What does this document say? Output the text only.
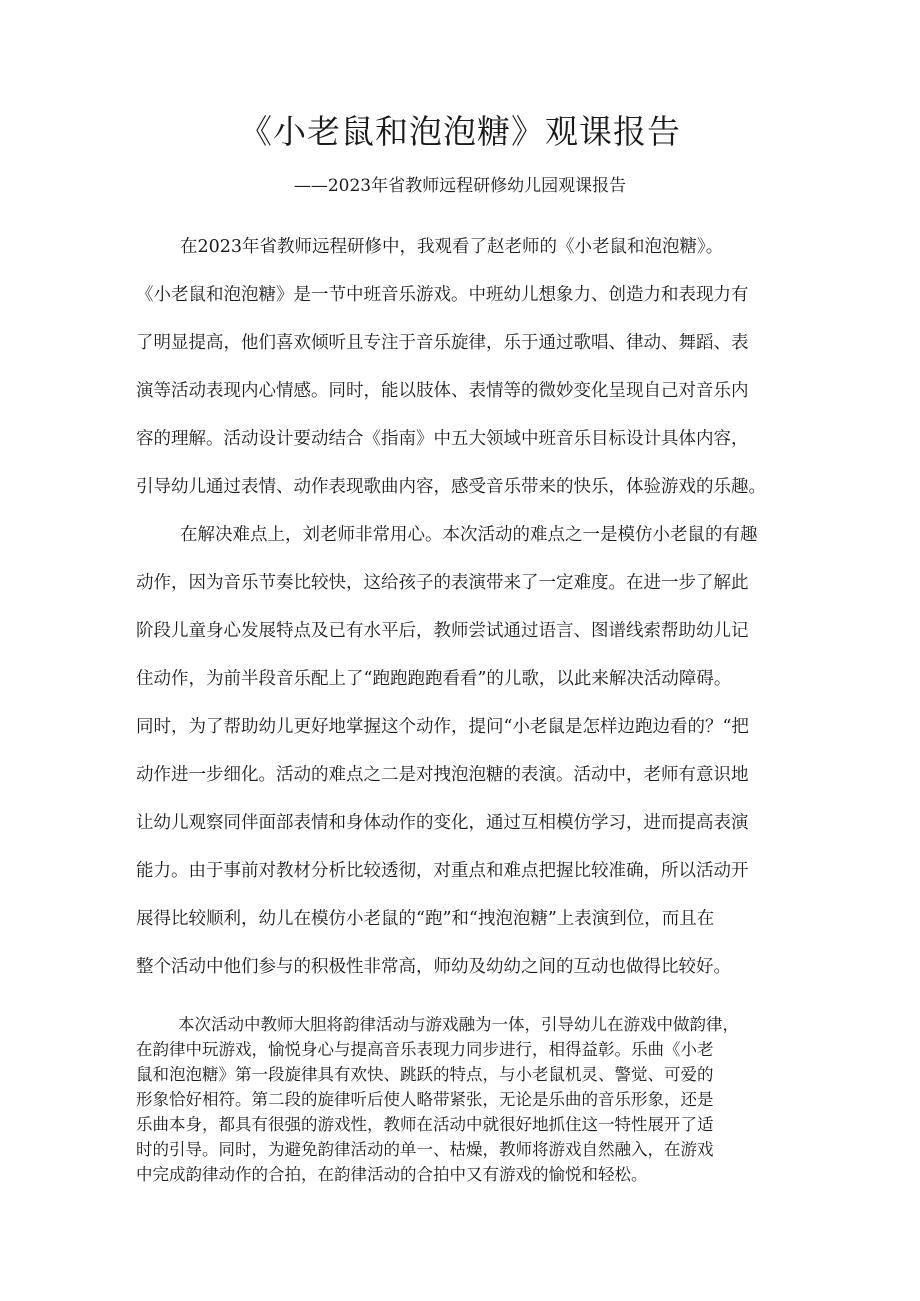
《小老鼠和泡泡糖》观课报告
——2023年省教师远程研修幼儿园观课报告
在2023年省教师远程研修中，我观看了赵老师的《小老鼠和泡泡糖》。
《小老鼠和泡泡糖》是一节中班音乐游戏。中班幼儿想象力、创造力和表现力有
了明显提高，他们喜欢倾听且专注于音乐旋律，乐于通过歌唱、律动、舞蹈、表
演等活动表现内心情感。同时，能以肢体、表情等的微妙变化呈现自己对音乐内
容的理解。活动设计要动结合《指南》中五大领域中班音乐目标设计具体内容，
引导幼儿通过表情、动作表现歌曲内容，感受音乐带来的快乐，体验游戏的乐趣。
在解决难点上，刘老师非常用心。本次活动的难点之一是模仿小老鼠的有趣
动作，因为音乐节奏比较快，这给孩子的表演带来了一定难度。在进一步了解此
阶段儿童身心发展特点及已有水平后，教师尝试通过语言、图谱线索帮助幼儿记
住动作，为前半段音乐配上了“跑跑跑跑看看”的儿歌，以此来解决活动障碍。
同时，为了帮助幼儿更好地掌握这个动作，提问“小老鼠是怎样边跑边看的？“把
动作进一步细化。活动的难点之二是对拽泡泡糖的表演。活动中，老师有意识地
让幼儿观察同伴面部表情和身体动作的变化，通过互相模仿学习，进而提高表演
能力。由于事前对教材分析比较透彻，对重点和难点把握比较准确，所以活动开
展得比较顺利，幼儿在模仿小老鼠的“跑”和“拽泡泡糖”上表演到位，而且在
整个活动中他们参与的积极性非常高，师幼及幼幼之间的互动也做得比较好。
本次活动中教师大胆将韵律活动与游戏融为一体，引导幼儿在游戏中做韵律，
在韵律中玩游戏，愉悦身心与提高音乐表现力同步进行，相得益彰。乐曲《小老
鼠和泡泡糖》第一段旋律具有欢快、跳跃的特点，与小老鼠机灵、警觉、可爱的
形象恰好相符。第二段的旋律听后使人略带紧张，无论是乐曲的音乐形象，还是
乐曲本身，都具有很强的游戏性，教师在活动中就很好地抓住这一特性展开了适
时的引导。同时，为避免韵律活动的单一、枯燥，教师将游戏自然融入，在游戏
中完成韵律动作的合拍，在韵律活动的合拍中又有游戏的愉悦和轻松。
